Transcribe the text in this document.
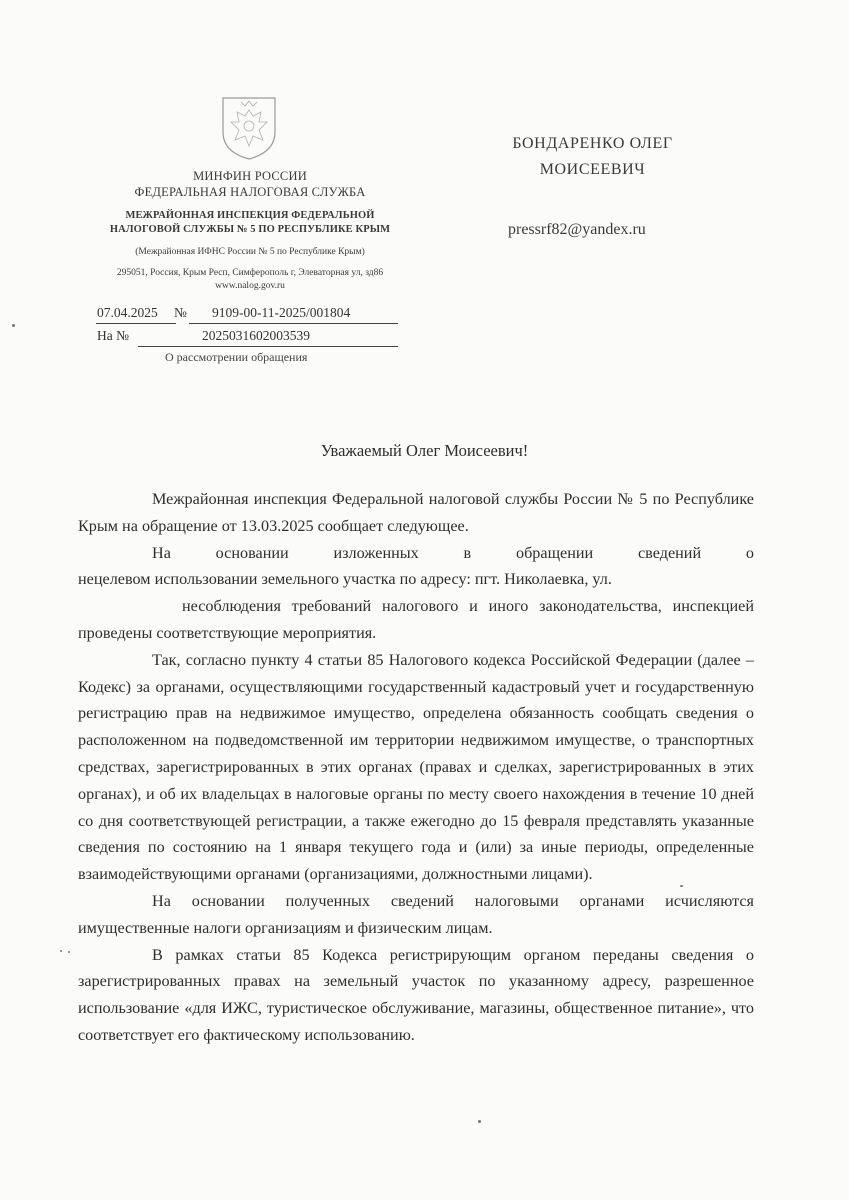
МИНФИН РОССИИ
ФЕДЕРАЛЬНАЯ НАЛОГОВАЯ СЛУЖБА
МЕЖРАЙОННАЯ ИНСПЕКЦИЯ ФЕДЕРАЛЬНОЙ
НАЛОГОВОЙ СЛУЖБЫ № 5 ПО РЕСПУБЛИКЕ КРЫМ
(Межрайонная ИФНС России № 5 по Республике Крым)
295051, Россия, Крым Респ, Симферополь г, Элеваторная ул, зд86
www.nalog.gov.ru
07.04.2025 № 9109-00-11-2025/001804
На №	2025031602003539
О рассмотрении обращения
БОНДАРЕНКО ОЛЕГ
МОИСЕЕВИЧ
pressrf82@yandex.ru
Уважаемый Олег Моисеевич!

Межрайонная инспекция Федеральной налоговой службы России № 5 по Республике Крым на обращение от 13.03.2025 сообщает следующее.

На основании изложенных в обращении сведений о

нецелевом использовании земельного участка по адресу: пгт. Николаевка, ул.

несоблюдения требований налогового и иного законодательства, инспекцией проведены соответствующие мероприятия.

Так, согласно пункту 4 статьи 85 Налогового кодекса Российской Федерации (далее – Кодекс) за органами, осуществляющими государственный кадастровый учет и государственную регистрацию прав на недвижимое имущество, определена обязанность сообщать сведения о расположенном на подведомственной им территории недвижимом имуществе, о транспортных средствах, зарегистрированных в этих органах (правах и сделках, зарегистрированных в этих органах), и об их владельцах в налоговые органы по месту своего нахождения в течение 10 дней со дня соответствующей регистрации, а также ежегодно до 15 февраля представлять указанные сведения по состоянию на 1 января текущего года и (или) за иные периоды, определенные взаимодействующими органами (организациями, должностными лицами).

На основании полученных сведений налоговыми органами исчисляются имущественные налоги организациям и физическим лицам.

В рамках статьи 85 Кодекса регистрирующим органом переданы сведения о зарегистрированных правах на земельный участок по указанному адресу, разрешенное использование «для ИЖС, туристическое обслуживание, магазины, общественное питание», что соответствует его фактическому использованию.
